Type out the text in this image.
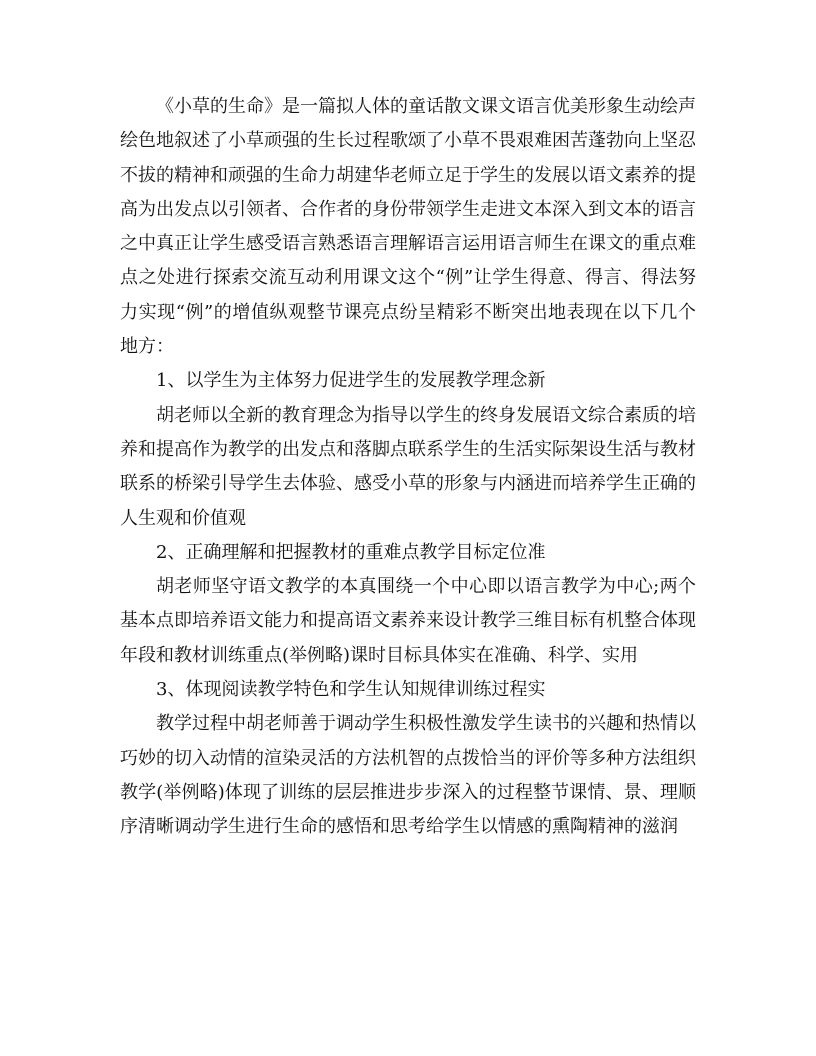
《小草的生命》是一篇拟人体的童话散文课文语言优美形象生动绘声绘色地叙述了小草顽强的生长过程歌颂了小草不畏艰难困苦蓬勃向上坚忍不拔的精神和顽强的生命力胡建华老师立足于学生的发展以语文素养的提高为出发点以引领者、合作者的身份带领学生走进文本深入到文本的语言之中真正让学生感受语言熟悉语言理解语言运用语言师生在课文的重点难点之处进行探索交流互动利用课文这个“例”让学生得意、得言、得法努力实现“例”的增值纵观整节课亮点纷呈精彩不断突出地表现在以下几个地方：

1、以学生为主体努力促进学生的发展教学理念新

胡老师以全新的教育理念为指导以学生的终身发展语文综合素质的培养和提高作为教学的出发点和落脚点联系学生的生活实际架设生活与教材联系的桥梁引导学生去体验、感受小草的形象与内涵进而培养学生正确的人生观和价值观

2、正确理解和把握教材的重难点教学目标定位准

胡老师坚守语文教学的本真围绕一个中心即以语言教学为中心;两个基本点即培养语文能力和提高语文素养来设计教学三维目标有机整合体现年段和教材训练重点(举例略)课时目标具体实在准确、科学、实用

3、体现阅读教学特色和学生认知规律训练过程实

教学过程中胡老师善于调动学生积极性激发学生读书的兴趣和热情以巧妙的切入动情的渲染灵活的方法机智的点拨恰当的评价等多种方法组织教学(举例略)体现了训练的层层推进步步深入的过程整节课情、景、理顺序清晰调动学生进行生命的感悟和思考给学生以情感的熏陶精神的滋润
